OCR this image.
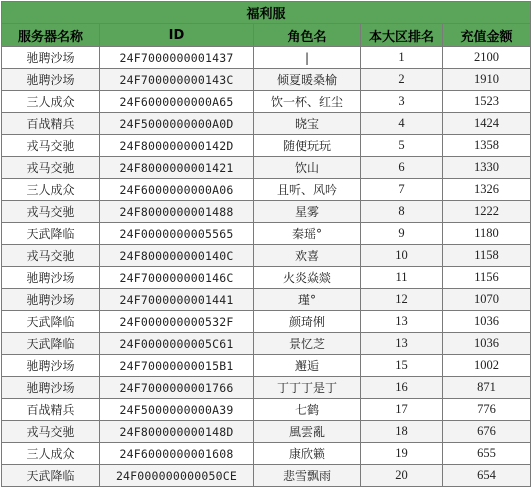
福利服				
服务器名称	ID	角色名	本大区排名	充值金额
驰聘沙场	24F7000000001437	|	1	2100
驰聘沙场	24F700000000143C	倾夏暖桑榆	2	1910
三人成众	24F6000000000A65	饮一杯、红尘	3	1523
百战精兵	24F5000000000A0D	晓宝	4	1424
戎马交驰	24F800000000142D	随便玩玩	5	1358
戎马交驰	24F8000000001421	饮山	6	1330
三人成众	24F6000000000A06	且听、风吟	7	1326
戎马交驰	24F8000000001488	星雾	8	1222
天武降临	24F0000000005565	秦瑶°	9	1180
戎马交驰	24F800000000140C	欢喜	10	1158
驰聘沙场	24F700000000146C	火炎焱燚	11	1156
驰聘沙场	24F7000000001441	瑾°	12	1070
天武降临	24F000000000532F	颜琦俐	13	1036
天武降临	24F0000000005C61	景忆芝	13	1036
驰聘沙场	24F70000000015B1	邂逅	15	1002
驰聘沙场	24F7000000001766	丁丁丁是丁	16	871
百战精兵	24F5000000000A39	七鹤	17	776
戎马交驰	24F800000000148D	風雲亂	18	676
三人成众	24F6000000001608	康欣籁	19	655
天武降临	24F000000000050CE	悲雪飘雨	20	654
